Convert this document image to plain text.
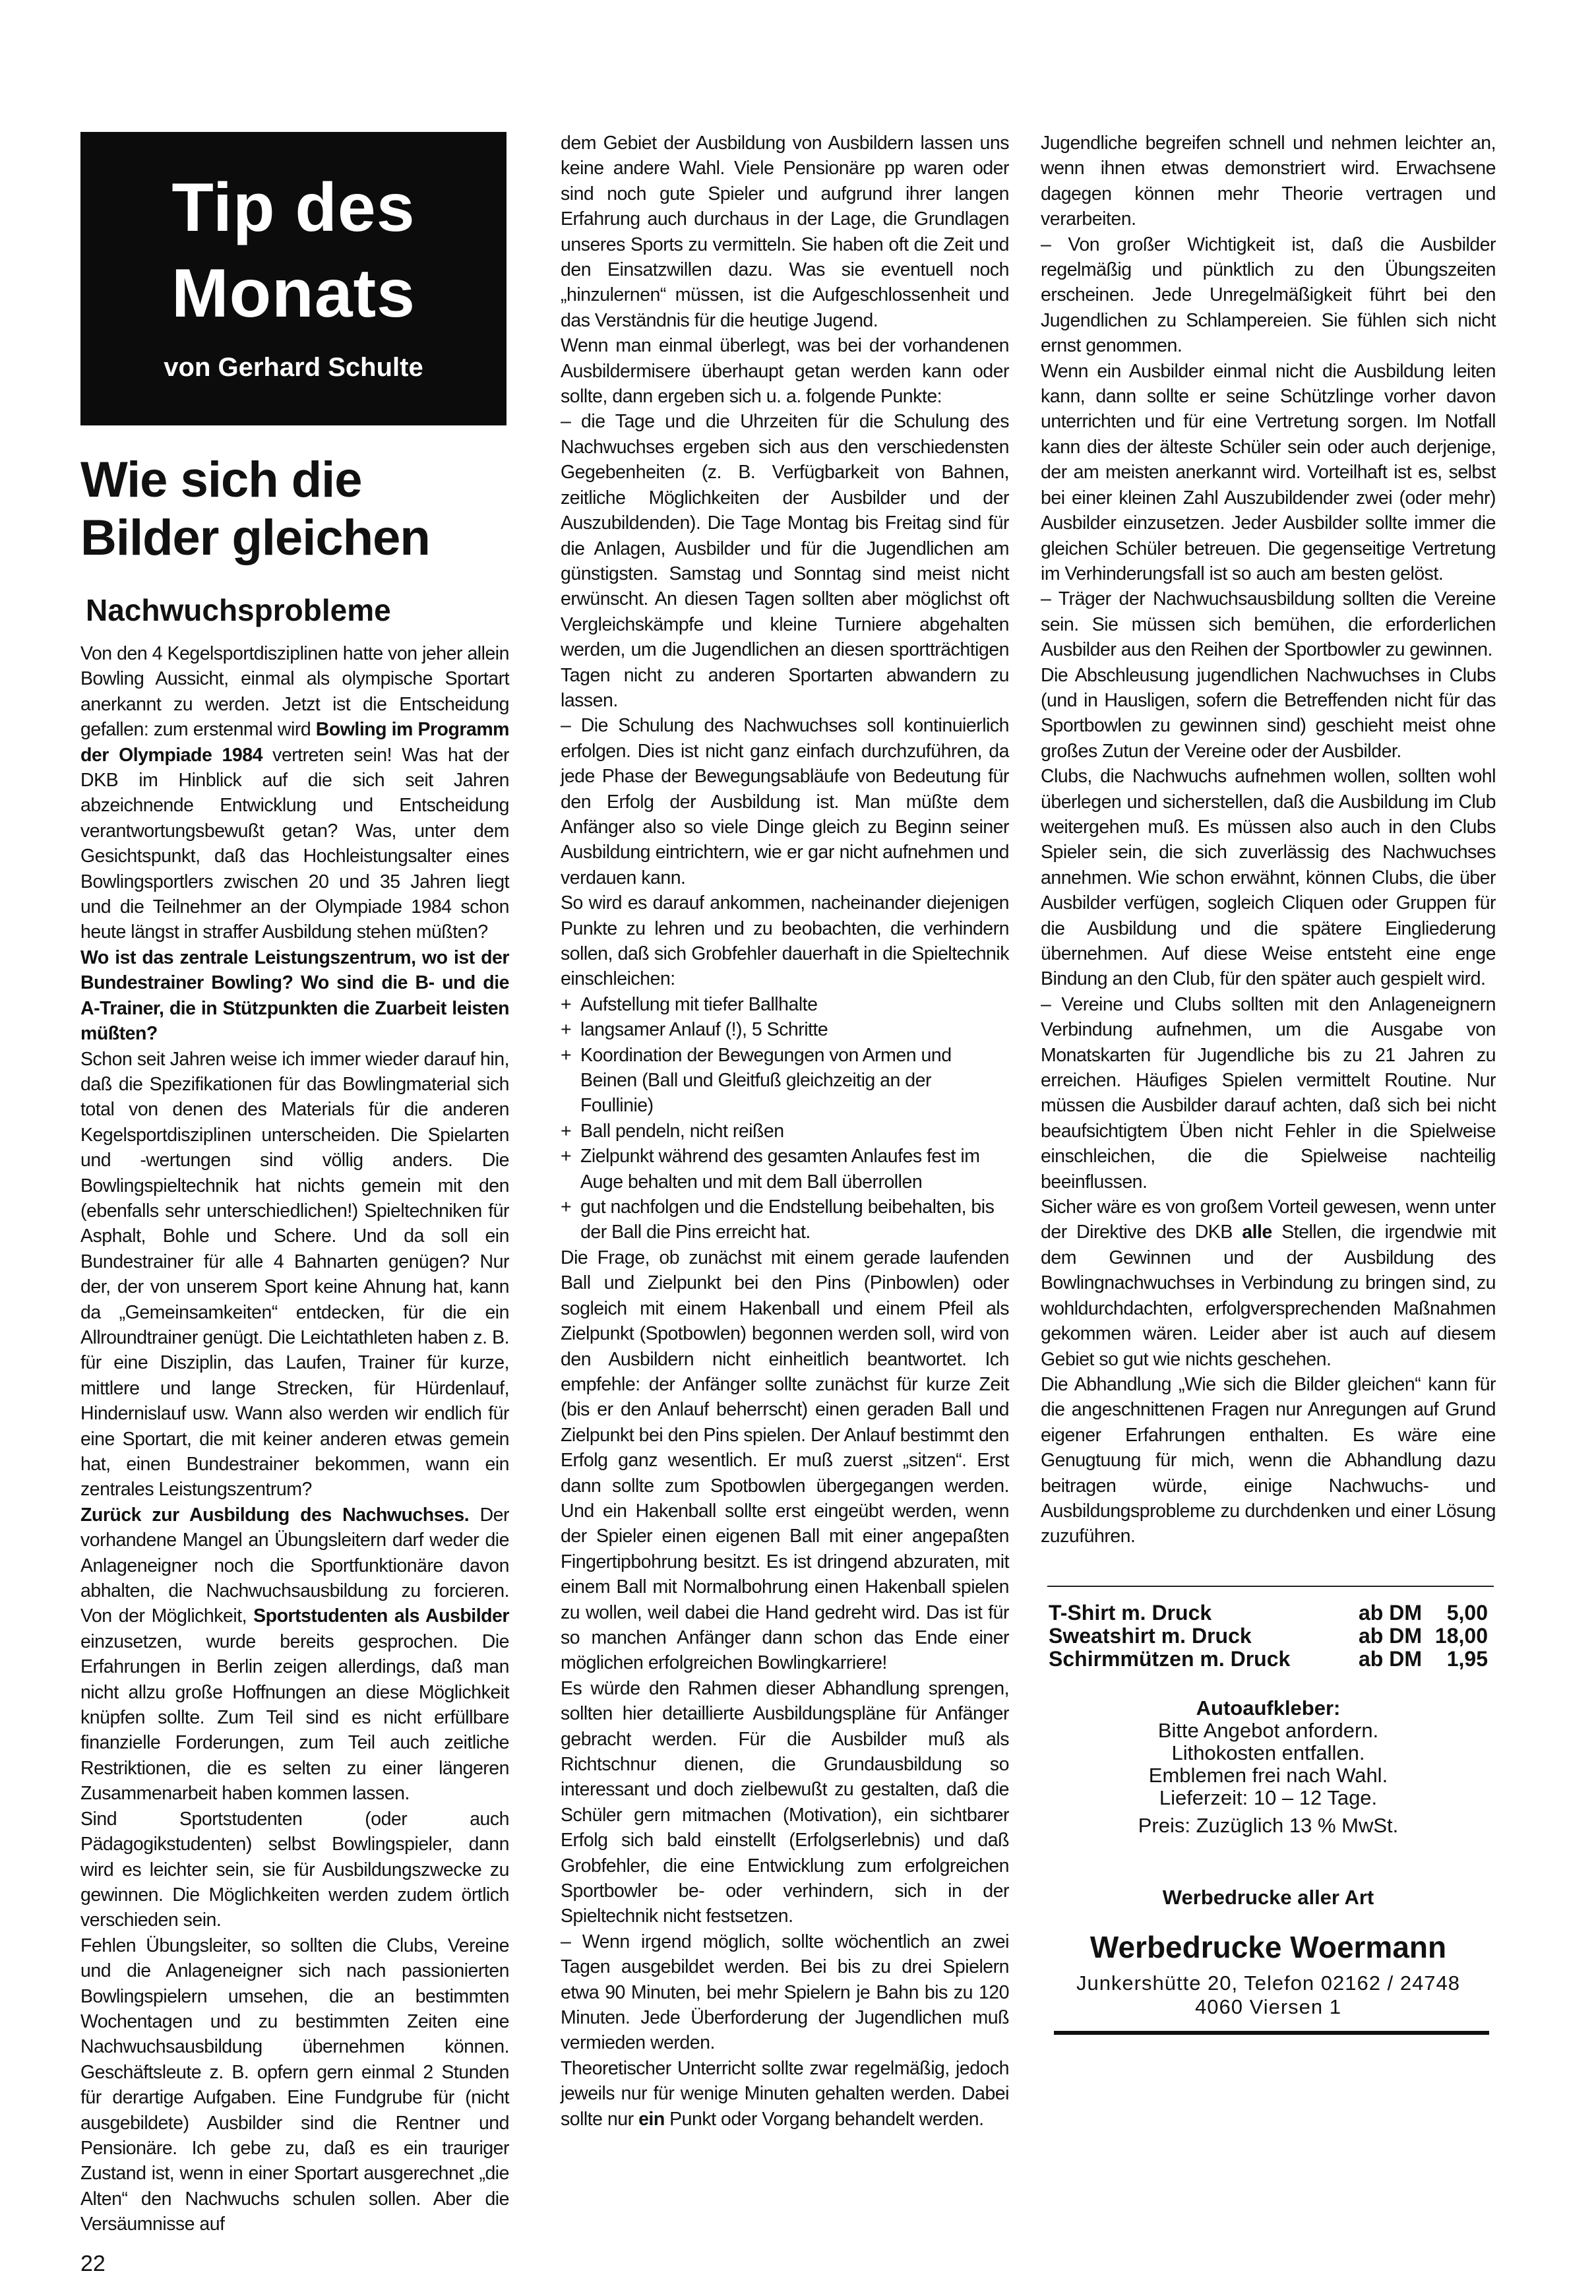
Tip des
Monats
von Gerhard Schulte
Wie sich die
Bilder gleichen
Nachwuchsprobleme

Von den 4 Kegelsportdisziplinen hatte von jeher allein Bowling Aussicht, einmal als olympische Sportart anerkannt zu werden. Jetzt ist die Entscheidung gefallen: zum erstenmal wird Bowling im Programm der Olympiade 1984 vertreten sein! Was hat der DKB im Hinblick auf die sich seit Jahren abzeichnende Entwicklung und Entscheidung verantwortungsbewußt getan? Was, unter dem Gesichtspunkt, daß das Hochleistungsalter eines Bowlingsportlers zwischen 20 und 35 Jahren liegt und die Teilnehmer an der Olympiade 1984 schon heute längst in straffer Ausbildung stehen müßten?

Wo ist das zentrale Leistungszentrum, wo ist der Bundestrainer Bowling? Wo sind die B- und die A-Trainer, die in Stützpunkten die Zuarbeit leisten müßten?

Schon seit Jahren weise ich immer wieder darauf hin, daß die Spezifikationen für das Bowlingmaterial sich total von denen des Materials für die anderen Kegelsportdisziplinen unterscheiden. Die Spielarten und -wertungen sind völlig anders. Die Bowlingspieltechnik hat nichts gemein mit den (ebenfalls sehr unterschiedlichen!) Spieltechniken für Asphalt, Bohle und Schere. Und da soll ein Bundestrainer für alle 4 Bahnarten genügen? Nur der, der von unserem Sport keine Ahnung hat, kann da „Gemeinsamkeiten“ entdecken, für die ein Allroundtrainer genügt. Die Leichtathleten haben z. B. für eine Disziplin, das Laufen, Trainer für kurze, mittlere und lange Strecken, für Hürdenlauf, Hindernislauf usw. Wann also werden wir endlich für eine Sportart, die mit keiner anderen etwas gemein hat, einen Bundestrainer bekommen, wann ein zentrales Leistungszentrum?

Zurück zur Ausbildung des Nachwuchses. Der vorhandene Mangel an Übungsleitern darf weder die Anlageneigner noch die Sportfunktionäre davon abhalten, die Nachwuchsausbildung zu forcieren. Von der Möglichkeit, Sportstudenten als Ausbilder einzusetzen, wurde bereits gesprochen. Die Erfahrungen in Berlin zeigen allerdings, daß man nicht allzu große Hoffnungen an diese Möglichkeit knüpfen sollte. Zum Teil sind es nicht erfüllbare finanzielle Forderungen, zum Teil auch zeitliche Restriktionen, die es selten zu einer längeren Zusammenarbeit haben kommen lassen.

Sind Sportstudenten (oder auch Pädagogikstudenten) selbst Bowlingspieler, dann wird es leichter sein, sie für Ausbildungszwecke zu gewinnen. Die Möglichkeiten werden zudem örtlich verschieden sein.

Fehlen Übungsleiter, so sollten die Clubs, Vereine und die Anlageneigner sich nach passionierten Bowlingspielern umsehen, die an bestimmten Wochentagen und zu bestimmten Zeiten eine Nachwuchsausbildung übernehmen können. Geschäftsleute z. B. opfern gern einmal 2 Stunden für derartige Aufgaben. Eine Fundgrube für (nicht ausgebildete) Ausbilder sind die Rentner und Pensionäre. Ich gebe zu, daß es ein trauriger Zustand ist, wenn in einer Sportart ausgerechnet „die Alten“ den Nachwuchs schulen sollen. Aber die Versäumnisse auf

dem Gebiet der Ausbildung von Ausbildern lassen uns keine andere Wahl. Viele Pensionäre pp waren oder sind noch gute Spieler und aufgrund ihrer langen Erfahrung auch durchaus in der Lage, die Grundlagen unseres Sports zu vermitteln. Sie haben oft die Zeit und den Einsatzwillen dazu. Was sie eventuell noch „hinzulernen“ müssen, ist die Aufgeschlossenheit und das Verständnis für die heutige Jugend.

Wenn man einmal überlegt, was bei der vorhandenen Ausbildermisere überhaupt getan werden kann oder sollte, dann ergeben sich u. a. folgende Punkte:

– die Tage und die Uhrzeiten für die Schulung des Nachwuchses ergeben sich aus den verschiedensten Gegebenheiten (z. B. Verfügbarkeit von Bahnen, zeitliche Möglichkeiten der Ausbilder und der Auszubildenden). Die Tage Montag bis Freitag sind für die Anlagen, Ausbilder und für die Jugendlichen am günstigsten. Samstag und Sonntag sind meist nicht erwünscht. An diesen Tagen sollten aber möglichst oft Vergleichskämpfe und kleine Turniere abgehalten werden, um die Jugendlichen an diesen sportträchtigen Tagen nicht zu anderen Sportarten abwandern zu lassen.

– Die Schulung des Nachwuchses soll kontinuierlich erfolgen. Dies ist nicht ganz einfach durchzuführen, da jede Phase der Bewegungsabläufe von Bedeutung für den Erfolg der Ausbildung ist. Man müßte dem Anfänger also so viele Dinge gleich zu Beginn seiner Ausbildung eintrichtern, wie er gar nicht aufnehmen und verdauen kann.

So wird es darauf ankommen, nacheinander diejenigen Punkte zu lehren und zu beobachten, die verhindern sollen, daß sich Grobfehler dauerhaft in die Spieltechnik einschleichen:

+ Aufstellung mit tiefer Ballhalte
+ langsamer Anlauf (!), 5 Schritte
+ Koordination der Bewegungen von Armen und Beinen (Ball und Gleitfuß gleichzeitig an der Foullinie)
+ Ball pendeln, nicht reißen
+ Zielpunkt während des gesamten Anlaufes fest im Auge behalten und mit dem Ball überrollen
+ gut nachfolgen und die Endstellung beibehalten, bis der Ball die Pins erreicht hat.

Die Frage, ob zunächst mit einem gerade laufenden Ball und Zielpunkt bei den Pins (Pinbowlen) oder sogleich mit einem Hakenball und einem Pfeil als Zielpunkt (Spotbowlen) begonnen werden soll, wird von den Ausbildern nicht einheitlich beantwortet. Ich empfehle: der Anfänger sollte zunächst für kurze Zeit (bis er den Anlauf beherrscht) einen geraden Ball und Zielpunkt bei den Pins spielen. Der Anlauf bestimmt den Erfolg ganz wesentlich. Er muß zuerst „sitzen“. Erst dann sollte zum Spotbowlen übergegangen werden. Und ein Hakenball sollte erst eingeübt werden, wenn der Spieler einen eigenen Ball mit einer angepaßten Fingertipbohrung besitzt. Es ist dringend abzuraten, mit einem Ball mit Normalbohrung einen Hakenball spielen zu wollen, weil dabei die Hand gedreht wird. Das ist für so manchen Anfänger dann schon das Ende einer möglichen erfolgreichen Bowlingkarriere!

Es würde den Rahmen dieser Abhandlung sprengen, sollten hier detaillierte Ausbildungspläne für Anfänger gebracht werden. Für die Ausbilder muß als Richtschnur dienen, die Grundausbildung so interessant und doch zielbewußt zu gestalten, daß die Schüler gern mitmachen (Motivation), ein sichtbarer Erfolg sich bald einstellt (Erfolgserlebnis) und daß Grobfehler, die eine Entwicklung zum erfolgreichen Sportbowler be- oder verhindern, sich in der Spieltechnik nicht festsetzen.

– Wenn irgend möglich, sollte wöchentlich an zwei Tagen ausgebildet werden. Bei bis zu drei Spielern etwa 90 Minuten, bei mehr Spielern je Bahn bis zu 120 Minuten. Jede Überforderung der Jugendlichen muß vermieden werden.

Theoretischer Unterricht sollte zwar regelmäßig, jedoch jeweils nur für wenige Minuten gehalten werden. Dabei sollte nur ein Punkt oder Vorgang behandelt werden.

Jugendliche begreifen schnell und nehmen leichter an, wenn ihnen etwas demonstriert wird. Erwachsene dagegen können mehr Theorie vertragen und verarbeiten.

– Von großer Wichtigkeit ist, daß die Ausbilder regelmäßig und pünktlich zu den Übungszeiten erscheinen. Jede Unregelmäßigkeit führt bei den Jugendlichen zu Schlampereien. Sie fühlen sich nicht ernst genommen.

Wenn ein Ausbilder einmal nicht die Ausbildung leiten kann, dann sollte er seine Schützlinge vorher davon unterrichten und für eine Vertretung sorgen. Im Notfall kann dies der älteste Schüler sein oder auch derjenige, der am meisten anerkannt wird. Vorteilhaft ist es, selbst bei einer kleinen Zahl Auszubildender zwei (oder mehr) Ausbilder einzusetzen. Jeder Ausbilder sollte immer die gleichen Schüler betreuen. Die gegenseitige Vertretung im Verhinderungsfall ist so auch am besten gelöst.

– Träger der Nachwuchsausbildung sollten die Vereine sein. Sie müssen sich bemühen, die erforderlichen Ausbilder aus den Reihen der Sportbowler zu gewinnen.

Die Abschleusung jugendlichen Nachwuchses in Clubs (und in Hausligen, sofern die Betreffenden nicht für das Sportbowlen zu gewinnen sind) geschieht meist ohne großes Zutun der Vereine oder der Ausbilder.

Clubs, die Nachwuchs aufnehmen wollen, sollten wohl überlegen und sicherstellen, daß die Ausbildung im Club weitergehen muß. Es müssen also auch in den Clubs Spieler sein, die sich zuverlässig des Nachwuchses annehmen. Wie schon erwähnt, können Clubs, die über Ausbilder verfügen, sogleich Cliquen oder Gruppen für die Ausbildung und die spätere Eingliederung übernehmen. Auf diese Weise entsteht eine enge Bindung an den Club, für den später auch gespielt wird.

– Vereine und Clubs sollten mit den Anlageneignern Verbindung aufnehmen, um die Ausgabe von Monatskarten für Jugendliche bis zu 21 Jahren zu erreichen. Häufiges Spielen vermittelt Routine. Nur müssen die Ausbilder darauf achten, daß sich bei nicht beaufsichtigtem Üben nicht Fehler in die Spielweise einschleichen, die die Spielweise nachteilig beeinflussen.

Sicher wäre es von großem Vorteil gewesen, wenn unter der Direktive des DKB alle Stellen, die irgendwie mit dem Gewinnen und der Ausbildung des Bowlingnachwuchses in Verbindung zu bringen sind, zu wohldurchdachten, erfolgversprechenden Maßnahmen gekommen wären. Leider aber ist auch auf diesem Gebiet so gut wie nichts geschehen.

Die Abhandlung „Wie sich die Bilder gleichen“ kann für die angeschnittenen Fragen nur Anregungen auf Grund eigener Erfahrungen enthalten. Es wäre eine Genugtuung für mich, wenn die Abhandlung dazu beitragen würde, einige Nachwuchs- und Ausbildungsprobleme zu durchdenken und einer Lösung zuzuführen.

22
T-Shirt m. Druck	ab DM	5,00
Sweatshirt m. Druck	ab DM 18,00
Schirmmützen m. Druck	ab DM	1,95
Autoaufkleber:
Bitte Angebot anfordern.
Lithokosten entfallen.
Emblemen frei nach Wahl.
Lieferzeit: 10 – 12 Tage.
Preis: Zuzüglich 13 % MwSt.
Werbedrucke aller Art
Werbedrucke Woermann
Junkershütte 20, Telefon 02162 / 24748
4060 Viersen 1
